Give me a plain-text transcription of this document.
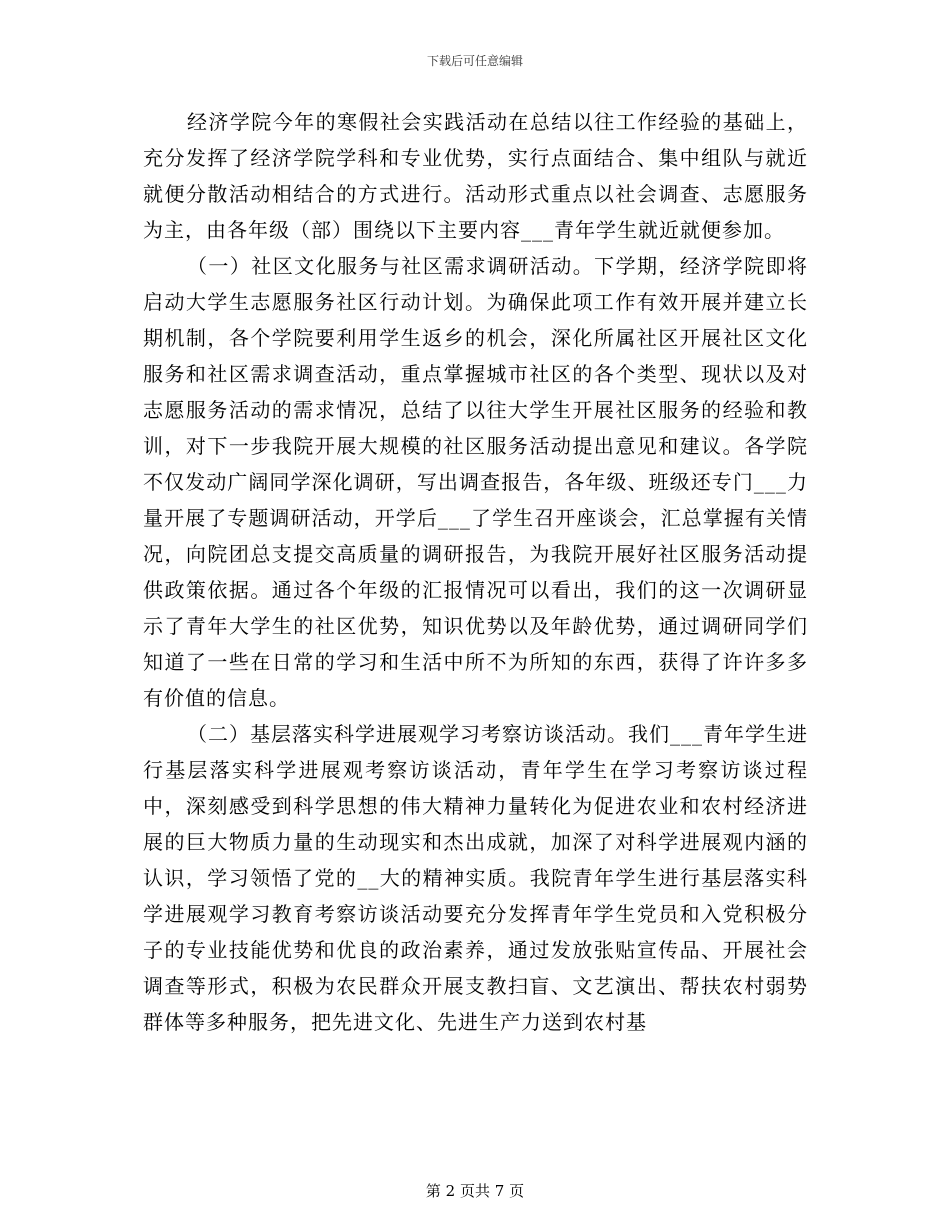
下载后可任意编辑

经济学院今年的寒假社会实践活动在总结以往工作经验的基础上，充分发挥了经济学院学科和专业优势，实行点面结合、集中组队与就近就便分散活动相结合的方式进行。活动形式重点以社会调查、志愿服务为主，由各年级（部）围绕以下主要内容___青年学生就近就便参加。

（一）社区文化服务与社区需求调研活动。下学期，经济学院即将启动大学生志愿服务社区行动计划。为确保此项工作有效开展并建立长期机制，各个学院要利用学生返乡的机会，深化所属社区开展社区文化服务和社区需求调查活动，重点掌握城市社区的各个类型、现状以及对志愿服务活动的需求情况，总结了以往大学生开展社区服务的经验和教训，对下一步我院开展大规模的社区服务活动提出意见和建议。各学院不仅发动广阔同学深化调研，写出调查报告，各年级、班级还专门___力量开展了专题调研活动，开学后___了学生召开座谈会，汇总掌握有关情况，向院团总支提交高质量的调研报告，为我院开展好社区服务活动提供政策依据。通过各个年级的汇报情况可以看出，我们的这一次调研显示了青年大学生的社区优势，知识优势以及年龄优势，通过调研同学们知道了一些在日常的学习和生活中所不为所知的东西，获得了许许多多有价值的信息。

（二）基层落实科学进展观学习考察访谈活动。我们___青年学生进行基层落实科学进展观考察访谈活动，青年学生在学习考察访谈过程中，深刻感受到科学思想的伟大精神力量转化为促进农业和农村经济进展的巨大物质力量的生动现实和杰出成就，加深了对科学进展观内涵的认识，学习领悟了党的__大的精神实质。我院青年学生进行基层落实科学进展观学习教育考察访谈活动要充分发挥青年学生党员和入党积极分子的专业技能优势和优良的政治素养，通过发放张贴宣传品、开展社会调查等形式，积极为农民群众开展支教扫盲、文艺演出、帮扶农村弱势群体等多种服务，把先进文化、先进生产力送到农村基

第 2 页共 7 页
